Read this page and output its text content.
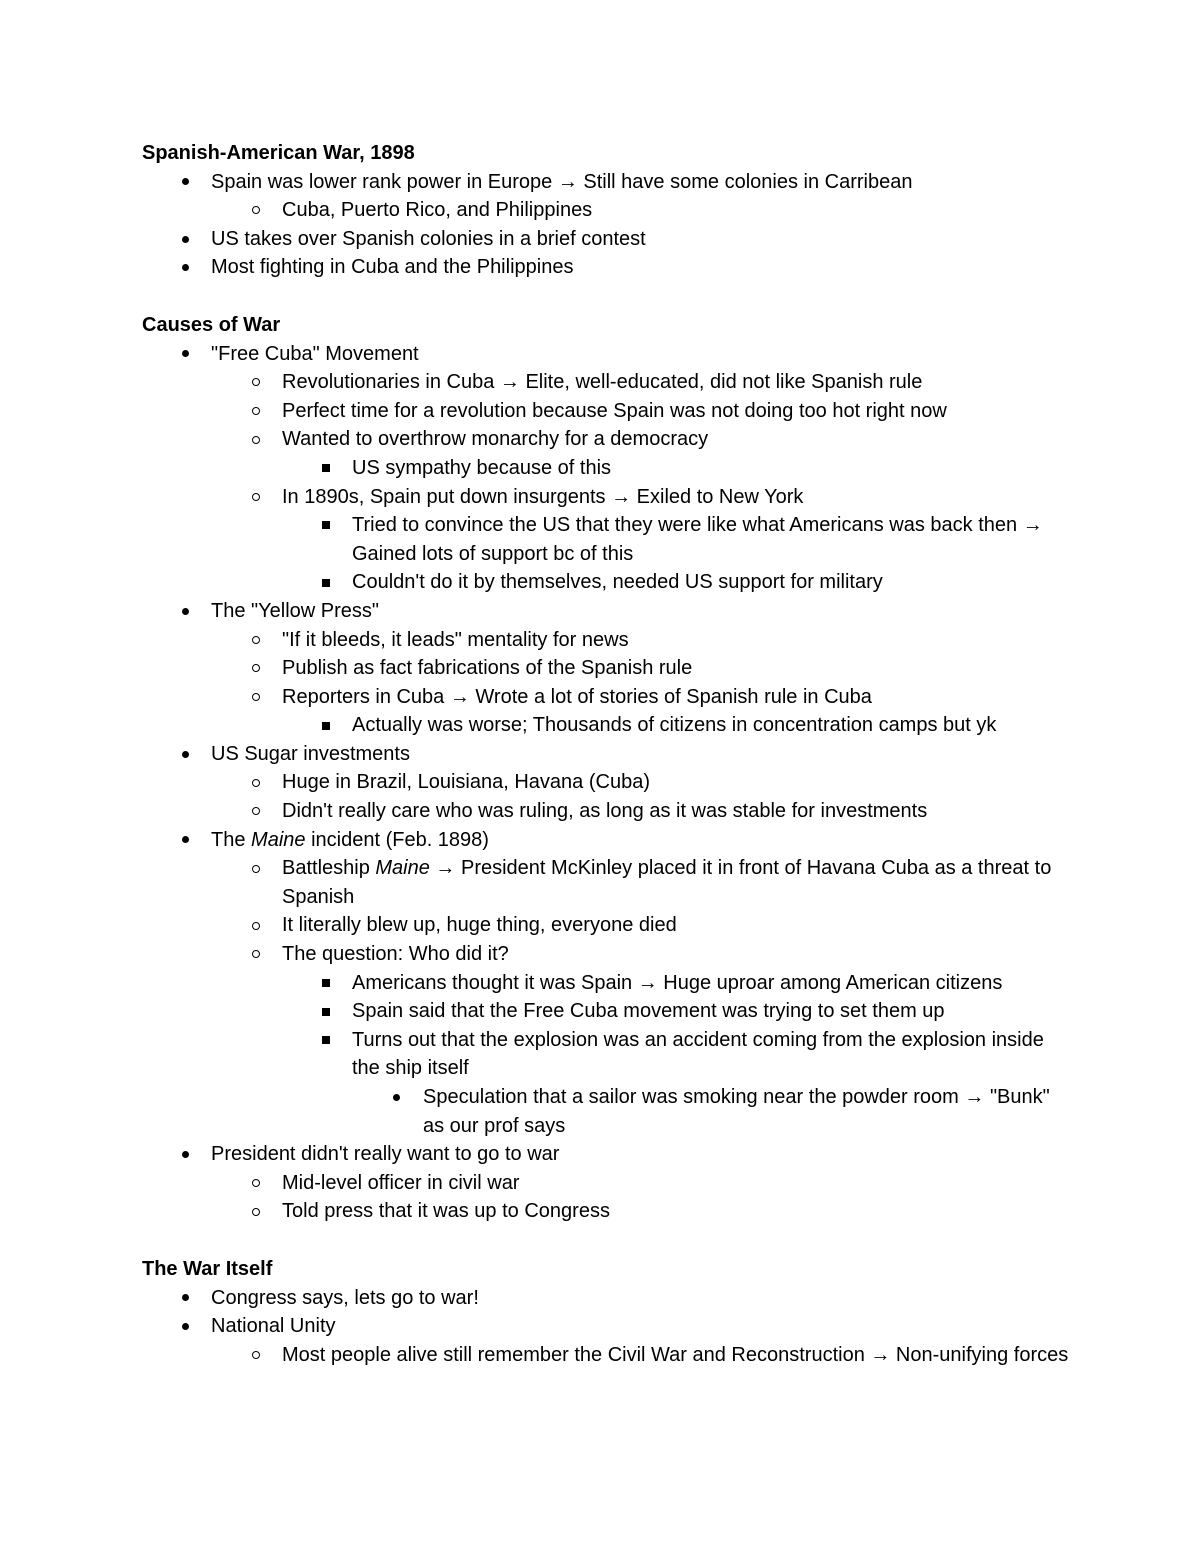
Spanish-American War, 1898
Spain was lower rank power in Europe → Still have some colonies in Carribean
Cuba, Puerto Rico, and Philippines
US takes over Spanish colonies in a brief contest
Most fighting in Cuba and the Philippines
Causes of War
"Free Cuba" Movement
Revolutionaries in Cuba → Elite, well-educated, did not like Spanish rule
Perfect time for a revolution because Spain was not doing too hot right now
Wanted to overthrow monarchy for a democracy
US sympathy because of this
In 1890s, Spain put down insurgents → Exiled to New York
Tried to convince the US that they were like what Americans was back then → Gained lots of support bc of this
Couldn't do it by themselves, needed US support for military
The "Yellow Press"
"If it bleeds, it leads" mentality for news
Publish as fact fabrications of the Spanish rule
Reporters in Cuba → Wrote a lot of stories of Spanish rule in Cuba
Actually was worse; Thousands of citizens in concentration camps but yk
US Sugar investments
Huge in Brazil, Louisiana, Havana (Cuba)
Didn't really care who was ruling, as long as it was stable for investments
The Maine incident (Feb. 1898)
Battleship Maine → President McKinley placed it in front of Havana Cuba as a threat to Spanish
It literally blew up, huge thing, everyone died
The question: Who did it?
Americans thought it was Spain → Huge uproar among American citizens
Spain said that the Free Cuba movement was trying to set them up
Turns out that the explosion was an accident coming from the explosion inside the ship itself
Speculation that a sailor was smoking near the powder room → "Bunk" as our prof says
President didn't really want to go to war
Mid-level officer in civil war
Told press that it was up to Congress
The War Itself
Congress says, lets go to war!
National Unity
Most people alive still remember the Civil War and Reconstruction → Non-unifying forces
